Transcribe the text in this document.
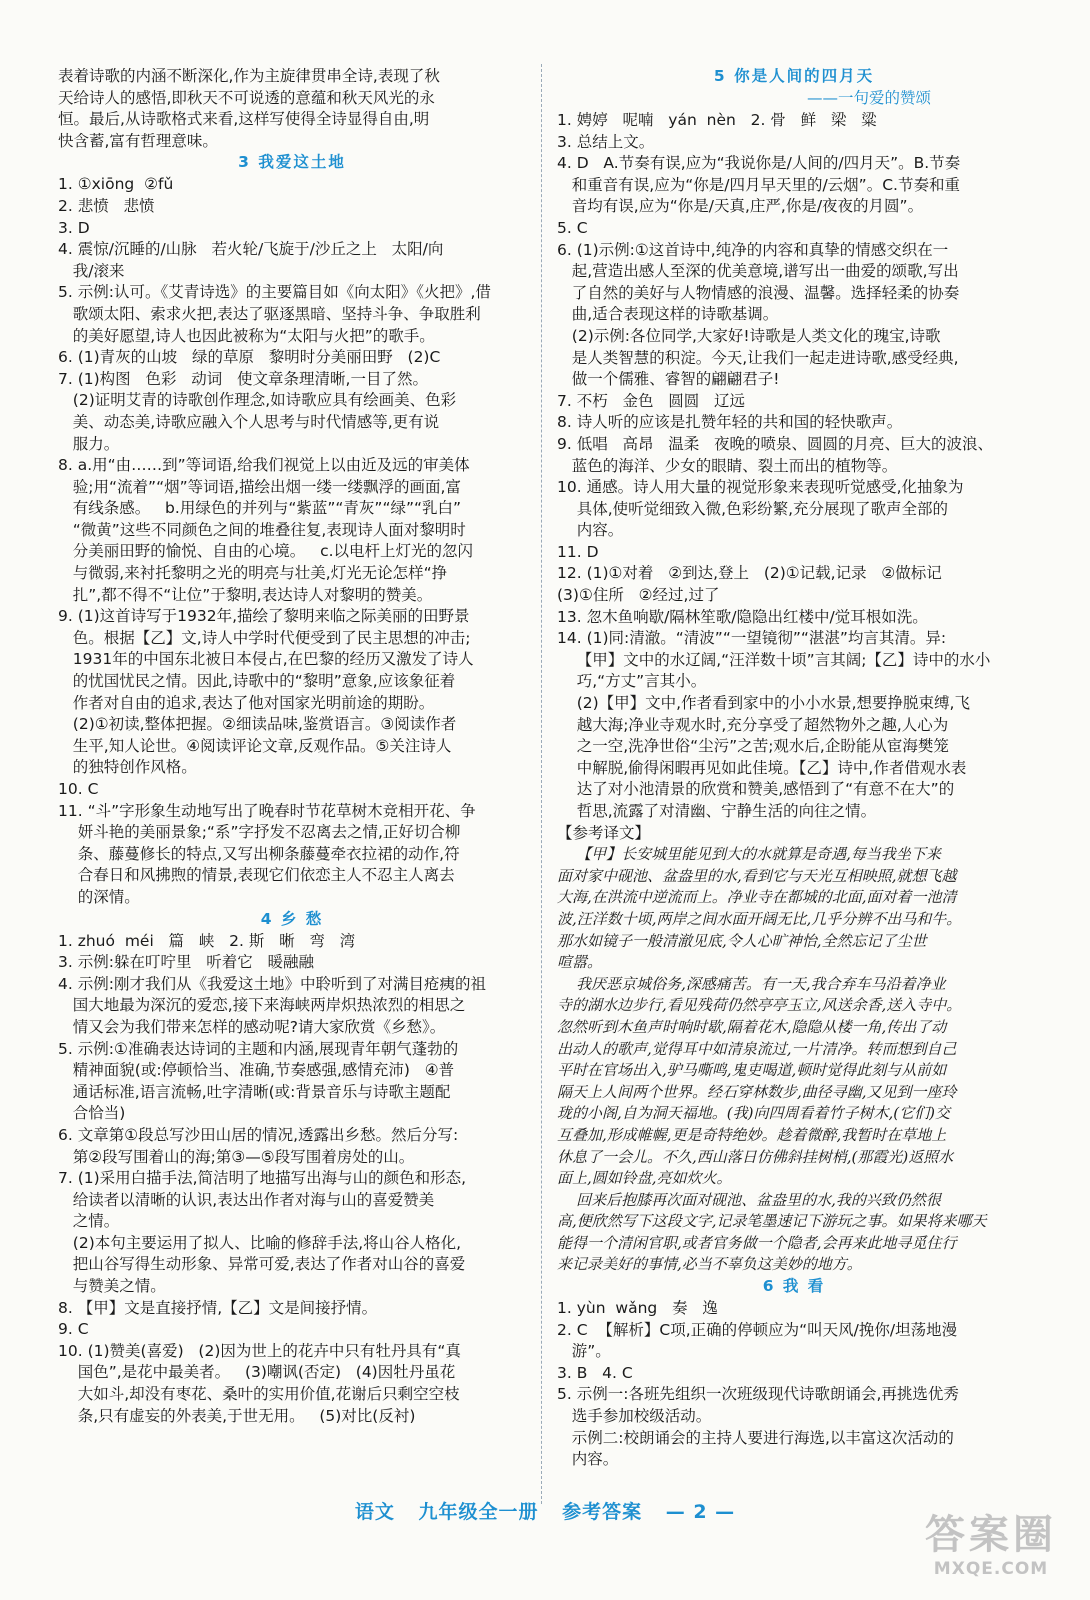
表着诗歌的内涵不断深化,作为主旋律贯串全诗,表现了秋
天给诗人的感悟,即秋天不可说透的意蕴和秋天风光的永
恒。最后,从诗歌格式来看,这样写使得全诗显得自由,明
快含蓄,富有哲理意味。
3 我爱这土地
1. ①xiōng  ②fǔ
2. 悲愤   悲愤
3. D
4. 震惊/沉睡的/山脉   若火轮/飞旋于/沙丘之上   太阳/向
我/滚来
5. 示例:认可。《艾青诗选》的主要篇目如《向太阳》《火把》,借
歌颂太阳、索求火把,表达了驱逐黑暗、坚持斗争、争取胜利
的美好愿望,诗人也因此被称为“太阳与火把”的歌手。
6. (1)青灰的山坡   绿的草原   黎明时分美丽田野   (2)C
7. (1)构图   色彩   动词   使文章条理清晰,一目了然。
(2)证明艾青的诗歌创作理念,如诗歌应具有绘画美、色彩
美、动态美,诗歌应融入个人思考与时代情感等,更有说
服力。
8. a.用“由……到”等词语,给我们视觉上以由近及远的审美体
验;用“流着”“烟”等词语,描绘出烟一缕一缕飘浮的画面,富
有线条感。   b.用绿色的并列与“紫蓝”“青灰”“绿”“乳白”
“微黄”这些不同颜色之间的堆叠往复,表现诗人面对黎明时
分美丽田野的愉悦、自由的心境。   c.以电杆上灯光的忽闪
与微弱,来衬托黎明之光的明亮与壮美,灯光无论怎样“挣
扎”,都不得不“让位”于黎明,表达诗人对黎明的赞美。
9. (1)这首诗写于1932年,描绘了黎明来临之际美丽的田野景
色。根据【乙】文,诗人中学时代便受到了民主思想的冲击;
1931年的中国东北被日本侵占,在巴黎的经历又激发了诗人
的忧国忧民之情。因此,诗歌中的“黎明”意象,应该象征着
作者对自由的追求,表达了他对国家光明前途的期盼。
(2)①初读,整体把握。②细读品味,鉴赏语言。③阅读作者
生平,知人论世。④阅读评论文章,反观作品。⑤关注诗人
的独特创作风格。
10. C
11. “斗”字形象生动地写出了晚春时节花草树木竞相开花、争
妍斗艳的美丽景象;“系”字抒发不忍离去之情,正好切合柳
条、藤蔓修长的特点,又写出柳条藤蔓牵衣拉裙的动作,符
合春日和风拂煦的情景,表现它们依恋主人不忍主人离去
的深情。
4 乡 愁
1. zhuó  méi   篇   峡   2. 斯   晰   弯   湾
3. 示例:躲在叮咛里   听着它   暖融融
4. 示例:刚才我们从《我爱这土地》中聆听到了对满目疮痍的祖
国大地最为深沉的爱恋,接下来海峡两岸炽热浓烈的相思之
情又会为我们带来怎样的感动呢?请大家欣赏《乡愁》。
5. 示例:①准确表达诗词的主题和内涵,展现青年朝气蓬勃的
精神面貌(或:停顿恰当、准确,节奏感强,感情充沛)   ④普
通话标准,语言流畅,吐字清晰(或:背景音乐与诗歌主题配
合恰当)
6. 文章第①段总写沙田山居的情况,透露出乡愁。然后分写:
第②段写围着山的海;第③—⑤段写围着房处的山。
7. (1)采用白描手法,简洁明了地描写出海与山的颜色和形态,
给读者以清晰的认识,表达出作者对海与山的喜爱赞美
之情。
(2)本句主要运用了拟人、比喻的修辞手法,将山谷人格化,
把山谷写得生动形象、异常可爱,表达了作者对山谷的喜爱
与赞美之情。
8. 【甲】文是直接抒情,【乙】文是间接抒情。
9. C
10. (1)赞美(喜爱)   (2)因为世上的花卉中只有牡丹具有“真
国色”,是花中最美者。   (3)嘲讽(否定)   (4)因牡丹虽花
大如斗,却没有枣花、桑叶的实用价值,花谢后只剩空空枝
条,只有虚妄的外表美,于世无用。   (5)对比(反衬)
5 你是人间的四月天
——一句爱的赞颂
1. 娉婷   呢喃   yán  nèn   2. 骨   鲜   梁   粱
3. 总结上文。
4. D   A.节奏有误,应为“我说你是/人间的/四月天”。B.节奏
和重音有误,应为“你是/四月早天里的/云烟”。C.节奏和重
音均有误,应为“你是/天真,庄严,你是/夜夜的月圆”。
5. C
6. (1)示例:①这首诗中,纯净的内容和真挚的情感交织在一
起,营造出感人至深的优美意境,谱写出一曲爱的颂歌,写出
了自然的美好与人物情感的浪漫、温馨。选择轻柔的协奏
曲,适合表现这样的诗歌基调。
(2)示例:各位同学,大家好!诗歌是人类文化的瑰宝,诗歌
是人类智慧的积淀。今天,让我们一起走进诗歌,感受经典,
做一个儒雅、睿智的翩翩君子!
7. 不朽   金色   圆圆   辽远
8. 诗人听的应该是扎赞年轻的共和国的轻快歌声。
9. 低唱   高昂   温柔   夜晚的喷泉、圆圆的月亮、巨大的波浪、
蓝色的海洋、少女的眼睛、裂土而出的植物等。
10. 通感。诗人用大量的视觉形象来表现听觉感受,化抽象为
具体,使听觉细致入微,色彩纷繁,充分展现了歌声全部的
内容。
11. D
12. (1)①对着   ②到达,登上   (2)①记载,记录   ②做标记
(3)①住所   ②经过,过了
13. 忽木鱼响歇/隔林笙歌/隐隐出红楼中/觉耳根如洗。
14. (1)同:清澈。“清波”“一望镜彻”“湛湛”均言其清。异:
【甲】文中的水辽阔,“汪洋数十顷”言其阔;【乙】诗中的水小
巧,“方丈”言其小。
(2)【甲】文中,作者看到家中的小小水景,想要挣脱束缚,飞
越大海;净业寺观水时,充分享受了超然物外之趣,人心为
之一空,洗净世俗“尘污”之苦;观水后,企盼能从宦海樊笼
中解脱,偷得闲暇再见如此佳境。【乙】诗中,作者借观水表
达了对小池清景的欣赏和赞美,感悟到了“有意不在大”的
哲思,流露了对清幽、宁静生活的向往之情。
【参考译文】
【甲】长安城里能见到大的水就算是奇遇,每当我坐下来
面对家中砚池、盆盎里的水,看到它与天光互相映照,就想飞越
大海,在洪流中逆流而上。净业寺在都城的北面,面对着一池清
波,汪洋数十顷,两岸之间水面开阔无比,几乎分辨不出马和牛。
那水如镜子一般清澈见底,令人心旷神怡,全然忘记了尘世
喧嚣。
我厌恶京城俗务,深感痛苦。有一天,我合弃车马沿着净业
寺的湖水边步行,看见残荷仍然亭亭玉立,风送余香,送入寺中。
忽然听到木鱼声时响时歇,隔着花木,隐隐从楼一角,传出了动
出动人的歌声,觉得耳中如清泉流过,一片清净。转而想到自己
平时在官场出入,驴马嘶鸣,鬼吏喝道,顿时觉得此刻与从前如
隔天上人间两个世界。经石穿林数步,曲径寻幽,又见到一座玲
珑的小阁,自为洞天福地。(我)向四周看着竹子树木,(它们)交
互叠加,形成帷幄,更是奇特绝妙。趁着微醉,我暂时在草地上
休息了一会儿。不久,西山落日仿佛斜挂树梢,(那霞光)返照水
面上,圆如铃盘,亮如炊火。
回来后抱膝再次面对砚池、盆盎里的水,我的兴致仍然很
高,便欣然写下这段文字,记录笔墨速记下游玩之事。如果将来哪天
能得一个清闲官职,或者官务做一个隐者,会再来此地寻觅住行
来记录美好的事情,必当不辜负这美妙的地方。
6 我 看
1. yùn  wǎng   奏   逸
2. C  【解析】C项,正确的停顿应为“叫天风/挽你/坦荡地漫
游”。
3. B   4. C
5. 示例一:各班先组织一次班级现代诗歌朗诵会,再挑选优秀
选手参加校级活动。
示例二:校朗诵会的主持人要进行海选,以丰富这次活动的
内容。
语文 九年级全一册 参考答案 — 2 —	答案圈
MXQE.COM
